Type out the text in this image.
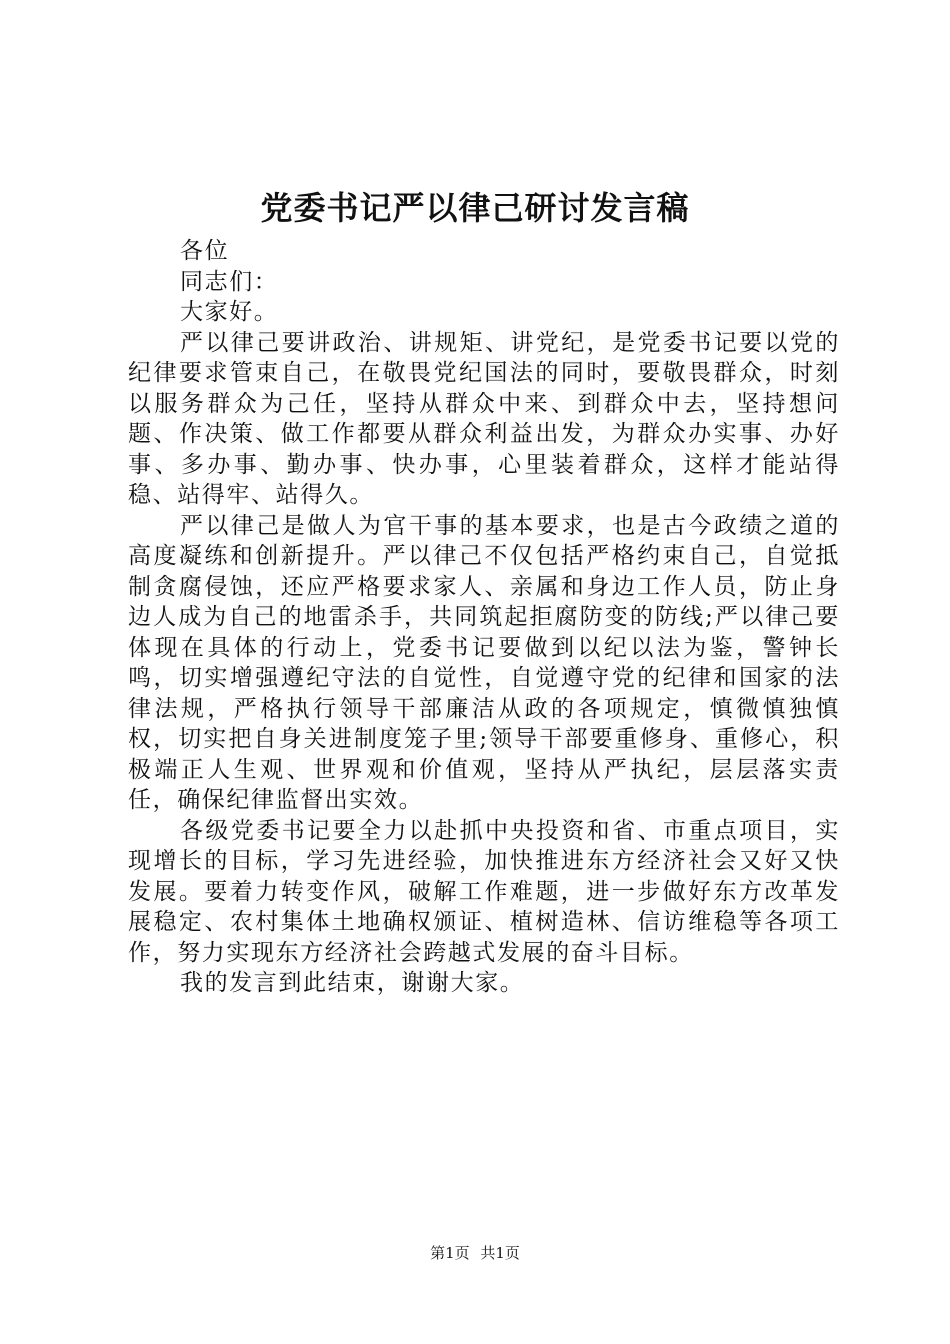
党委书记严以律己研讨发言稿

各位

同志们：

大家好。

严以律己要讲政治、讲规矩、讲党纪，是党委书记要以党的纪律要求管束自己，在敬畏党纪国法的同时，要敬畏群众，时刻以服务群众为己任，坚持从群众中来、到群众中去，坚持想问题、作决策、做工作都要从群众利益出发，为群众办实事、办好事、多办事、勤办事、快办事，心里装着群众，这样才能站得稳、站得牢、站得久。

严以律己是做人为官干事的基本要求，也是古今政绩之道的高度凝练和创新提升。严以律己不仅包括严格约束自己，自觉抵制贪腐侵蚀，还应严格要求家人、亲属和身边工作人员，防止身边人成为自己的地雷杀手，共同筑起拒腐防变的防线;严以律己要体现在具体的行动上，党委书记要做到以纪以法为鉴，警钟长鸣，切实增强遵纪守法的自觉性，自觉遵守党的纪律和国家的法律法规，严格执行领导干部廉洁从政的各项规定，慎微慎独慎权，切实把自身关进制度笼子里;领导干部要重修身、重修心，积极端正人生观、世界观和价值观，坚持从严执纪，层层落实责任，确保纪律监督出实效。

各级党委书记要全力以赴抓中央投资和省、市重点项目，实现增长的目标，学习先进经验，加快推进东方经济社会又好又快发展。要着力转变作风，破解工作难题，进一步做好东方改革发展稳定、农村集体土地确权颁证、植树造林、信访维稳等各项工作，努力实现东方经济社会跨越式发展的奋斗目标。

我的发言到此结束，谢谢大家。

第1页 共1页
